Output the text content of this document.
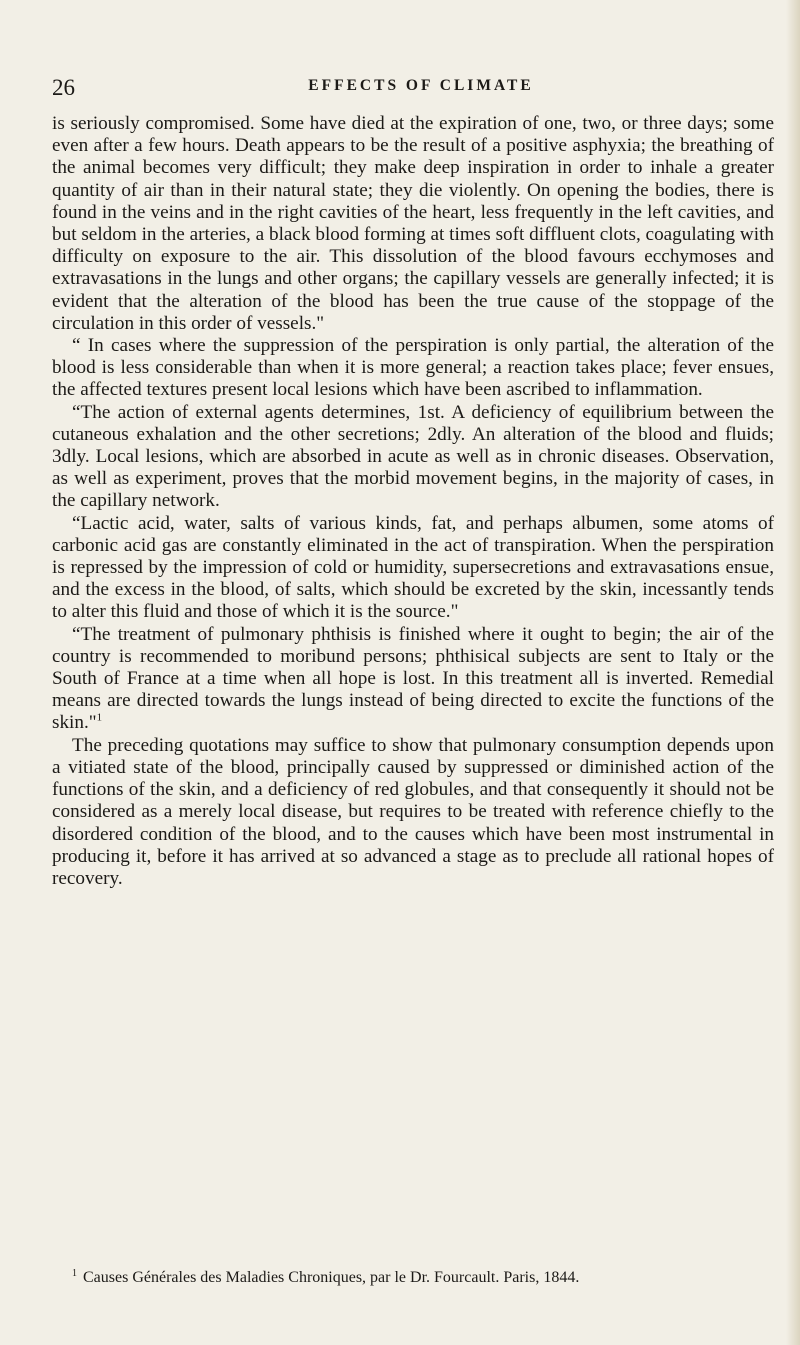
26	EFFECTS OF CLIMATE

is seriously compromised. Some have died at the expiration of one, two, or three days; some even after a few hours. Death appears to be the result of a positive asphyxia; the breathing of the animal becomes very difficult; they make deep inspiration in order to inhale a greater quantity of air than in their natural state; they die violently. On opening the bodies, there is found in the veins and in the right cavities of the heart, less frequently in the left cavities, and but seldom in the arteries, a black blood forming at times soft diffluent clots, coagulating with difficulty on exposure to the air. This dissolution of the blood favours ecchymoses and extravasations in the lungs and other organs; the capillary vessels are generally infected; it is evident that the alteration of the blood has been the true cause of the stoppage of the circulation in this order of vessels."

“ In cases where the suppression of the perspiration is only partial, the alteration of the blood is less considerable than when it is more general; a reaction takes place; fever ensues, the affected textures present local lesions which have been ascribed to inflammation.

“The action of external agents determines, 1st. A deficiency of equilibrium between the cutaneous exhalation and the other secretions; 2dly. An alteration of the blood and fluids; 3dly. Local lesions, which are absorbed in acute as well as in chronic diseases. Observation, as well as experiment, proves that the morbid movement begins, in the majority of cases, in the capillary network.

“Lactic acid, water, salts of various kinds, fat, and perhaps albumen, some atoms of carbonic acid gas are constantly eliminated in the act of transpiration. When the perspiration is repressed by the impression of cold or humidity, supersecretions and extravasations ensue, and the excess in the blood, of salts, which should be excreted by the skin, incessantly tends to alter this fluid and those of which it is the source."

“The treatment of pulmonary phthisis is finished where it ought to begin; the air of the country is recommended to moribund persons; phthisical subjects are sent to Italy or the South of France at a time when all hope is lost. In this treatment all is inverted. Remedial means are directed towards the lungs instead of being directed to excite the functions of the skin."$^1$

The preceding quotations may suffice to show that pulmonary consumption depends upon a vitiated state of the blood, principally caused by suppressed or diminished action of the functions of the skin, and a deficiency of red globules, and that consequently it should not be considered as a merely local disease, but requires to be treated with reference chiefly to the disordered condition of the blood, and to the causes which have been most instrumental in producing it, before it has arrived at so advanced a stage as to preclude all rational hopes of recovery.

$^1$ Causes Générales des Maladies Chroniques, par le Dr. Fourcault. Paris, 1844.
